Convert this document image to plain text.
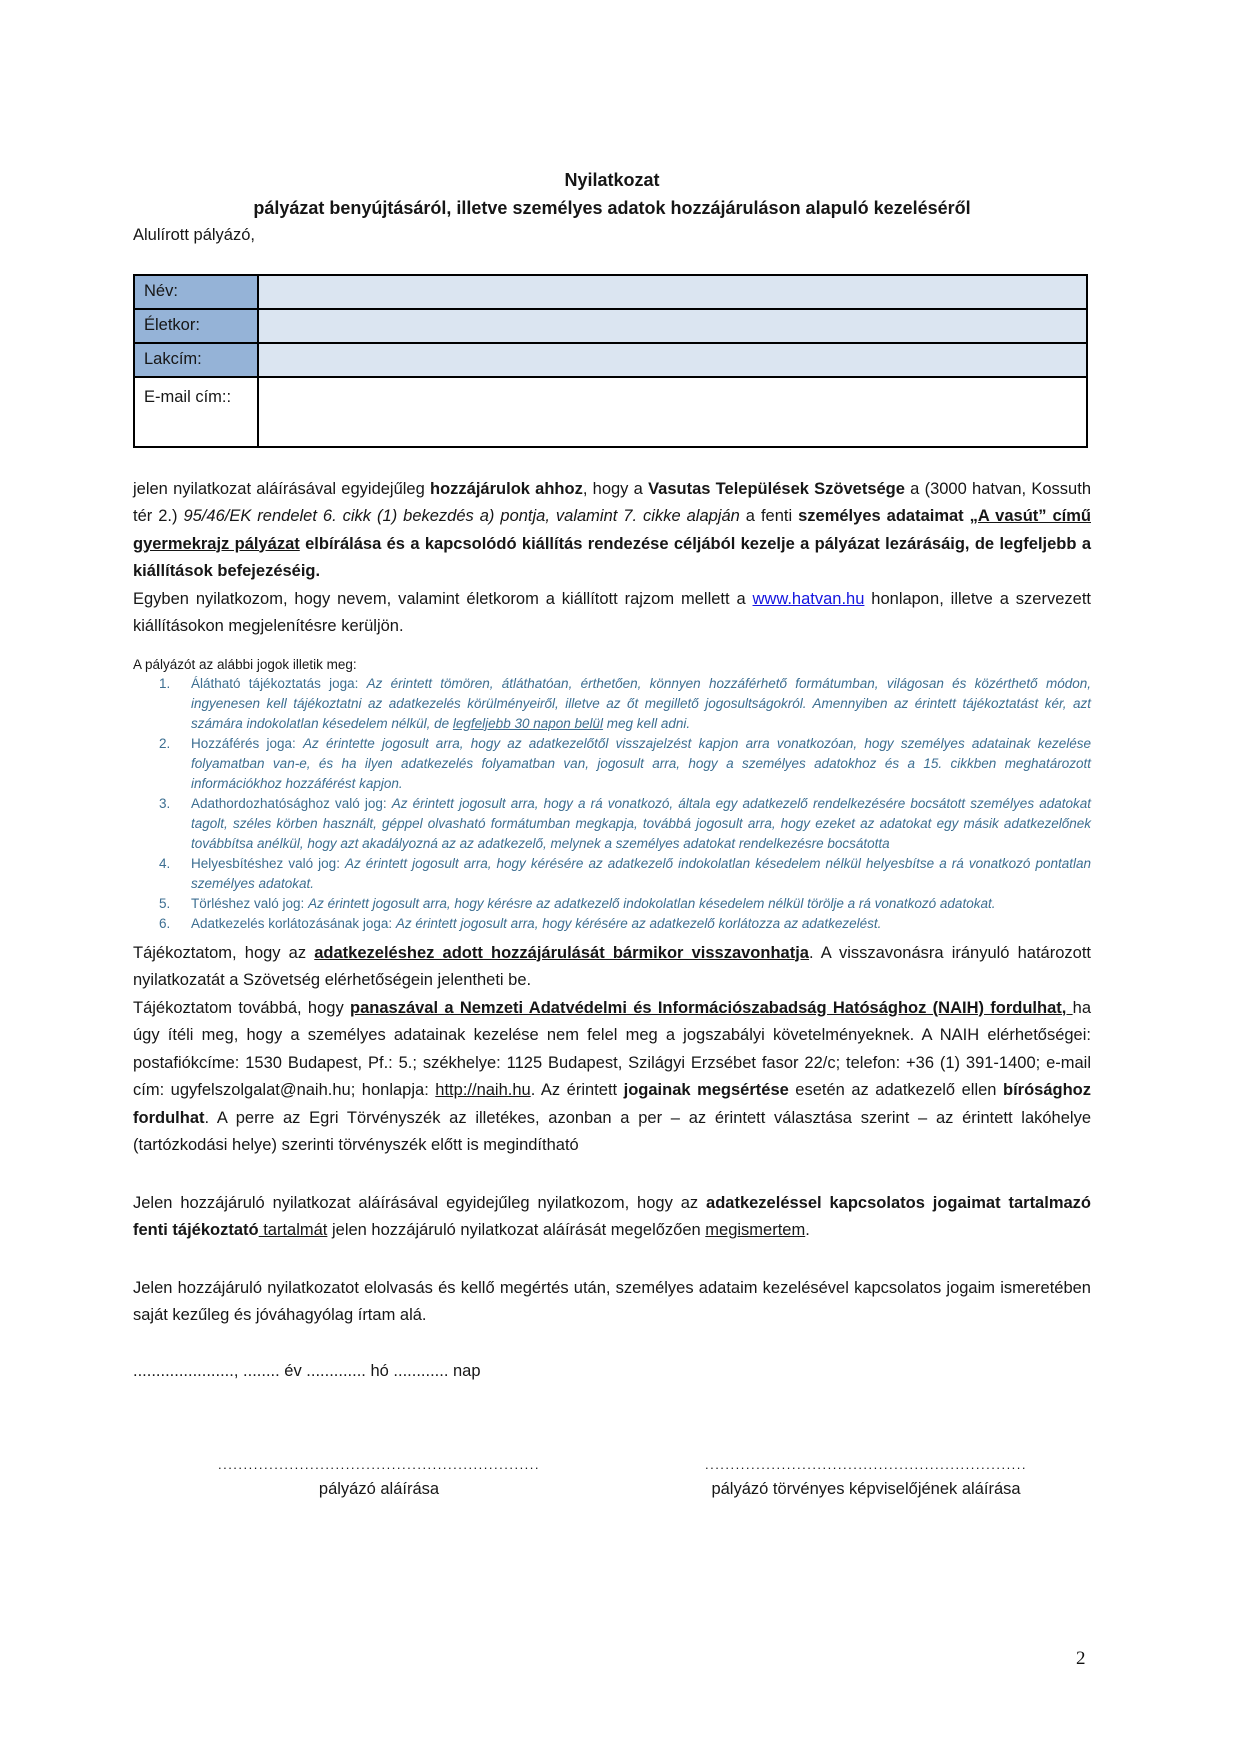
Nyilatkozat
pályázat benyújtásáról, illetve személyes adatok hozzájáruláson alapuló kezeléséről

Alulírott pályázó,

Név:	
Életkor:	
Lakcím:	
E-mail cím::	

jelen nyilatkozat aláírásával egyidejűleg hozzájárulok ahhoz, hogy a Vasutas Települések Szövetsége a (3000 hatvan, Kossuth tér 2.) 95/46/EK rendelet 6. cikk (1) bekezdés a) pontja, valamint 7. cikke alapján a fenti személyes adataimat „A vasút” című gyermekrajz pályázat elbírálása és a kapcsolódó kiállítás rendezése céljából kezelje a pályázat lezárásáig, de legfeljebb a kiállítások befejezéséig.

Egyben nyilatkozom, hogy nevem, valamint életkorom a kiállított rajzom mellett a www.hatvan.hu honlapon, illetve a szervezett kiállításokon megjelenítésre kerüljön.

A pályázót az alábbi jogok illetik meg:
1.	Álátható tájékoztatás joga: Az érintett tömören, átláthatóan, érthetően, könnyen hozzáférhető formátumban, világosan és közérthető módon, ingyenesen kell tájékoztatni az adatkezelés körülményeiről, illetve az őt megillető jogosultságokról. Amennyiben az érintett tájékoztatást kér, azt számára indokolatlan késedelem nélkül, de legfeljebb 30 napon belül meg kell adni.
2.	Hozzáférés joga: Az érintette jogosult arra, hogy az adatkezelőtől visszajelzést kapjon arra vonatkozóan, hogy személyes adatainak kezelése folyamatban van-e, és ha ilyen adatkezelés folyamatban van, jogosult arra, hogy a személyes adatokhoz és a 15. cikkben meghatározott információkhoz hozzáférést kapjon.
3.	Adathordozhatósághoz való jog: Az érintett jogosult arra, hogy a rá vonatkozó, általa egy adatkezelő rendelkezésére bocsátott személyes adatokat tagolt, széles körben használt, géppel olvasható formátumban megkapja, továbbá jogosult arra, hogy ezeket az adatokat egy másik adatkezelőnek továbbítsa anélkül, hogy azt akadályozná az az adatkezelő, melynek a személyes adatokat rendelkezésre bocsátotta
4.	Helyesbítéshez való jog: Az érintett jogosult arra, hogy kérésére az adatkezelő indokolatlan késedelem nélkül helyesbítse a rá vonatkozó pontatlan személyes adatokat.
5.	Törléshez való jog: Az érintett jogosult arra, hogy kérésre az adatkezelő indokolatlan késedelem nélkül törölje a rá vonatkozó adatokat.
6.	Adatkezelés korlátozásának joga: Az érintett jogosult arra, hogy kérésére az adatkezelő korlátozza az adatkezelést.

Tájékoztatom, hogy az adatkezeléshez adott hozzájárulását bármikor visszavonhatja. A visszavonásra irányuló határozott nyilatkozatát a Szövetség elérhetőségein jelentheti be.

Tájékoztatom továbbá, hogy panaszával a Nemzeti Adatvédelmi és Információszabadság Hatósághoz (NAIH) fordulhat, ha úgy ítéli meg, hogy a személyes adatainak kezelése nem felel meg a jogszabályi követelményeknek. A NAIH elérhetőségei: postafiókcíme: 1530 Budapest, Pf.: 5.; székhelye: 1125 Budapest, Szilágyi Erzsébet fasor 22/c; telefon: +36 (1) 391-1400; e-mail cím: ugyfelszolgalat@naih.hu; honlapja: http://naih.hu. Az érintett jogainak megsértése esetén az adatkezelő ellen bírósághoz fordulhat. A perre az Egri Törvényszék az illetékes, azonban a per – az érintett választása szerint – az érintett lakóhelye (tartózkodási helye) szerinti törvényszék előtt is megindítható

Jelen hozzájáruló nyilatkozat aláírásával egyidejűleg nyilatkozom, hogy az adatkezeléssel kapcsolatos jogaimat tartalmazó fenti tájékoztató tartalmát jelen hozzájáruló nyilatkozat aláírását megelőzően megismertem.

Jelen hozzájáruló nyilatkozatot elolvasás és kellő megértés után, személyes adataim kezelésével kapcsolatos jogaim ismeretében saját kezűleg és jóváhagyólag írtam alá.

......................, ........ év ............. hó ............ nap

...............................................................
pályázó aláírása
...............................................................
pályázó törvényes képviselőjének aláírása
2
